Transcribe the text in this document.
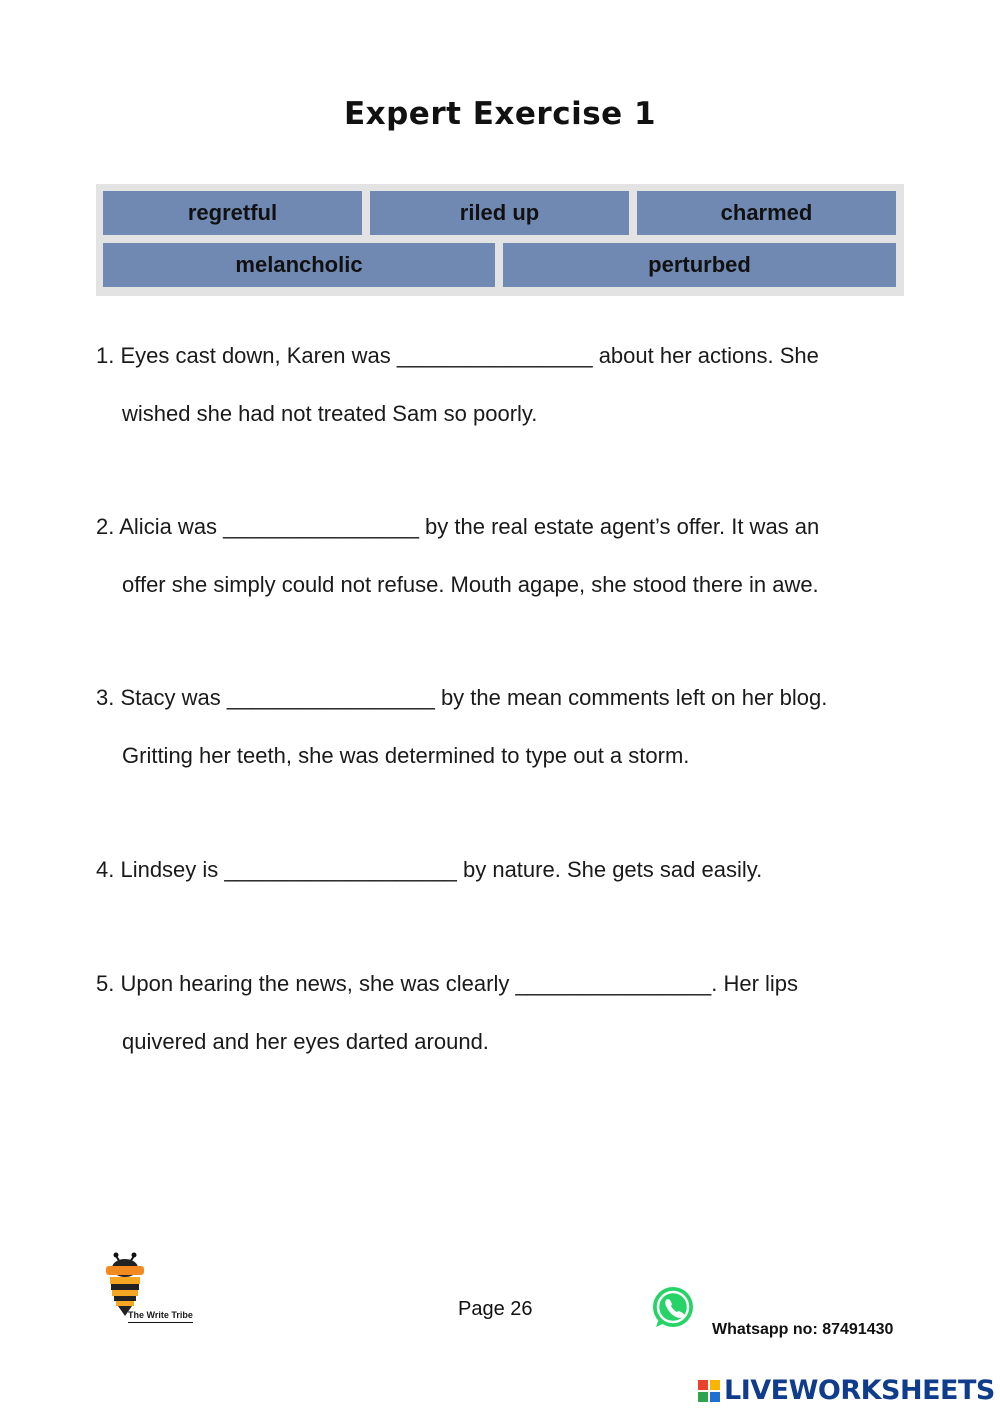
Expert Exercise 1
regretful	riled up	charmed
melancholic	perturbed
1. Eyes cast down, Karen was ________________ about her actions. She
wished she had not treated Sam so poorly.
2. Alicia was ________________ by the real estate agent’s offer. It was an
offer she simply could not refuse. Mouth agape, she stood there in awe.
3. Stacy was _________________ by the mean comments left on her blog.
Gritting her teeth, she was determined to type out a storm.
4. Lindsey is ___________________ by nature. She gets sad easily.
5. Upon hearing the news, she was clearly ________________. Her lips
quivered and her eyes darted around.
The Write Tribe	Page 26
Whatsapp no: 87491430
LIVEWORKSHEETS
